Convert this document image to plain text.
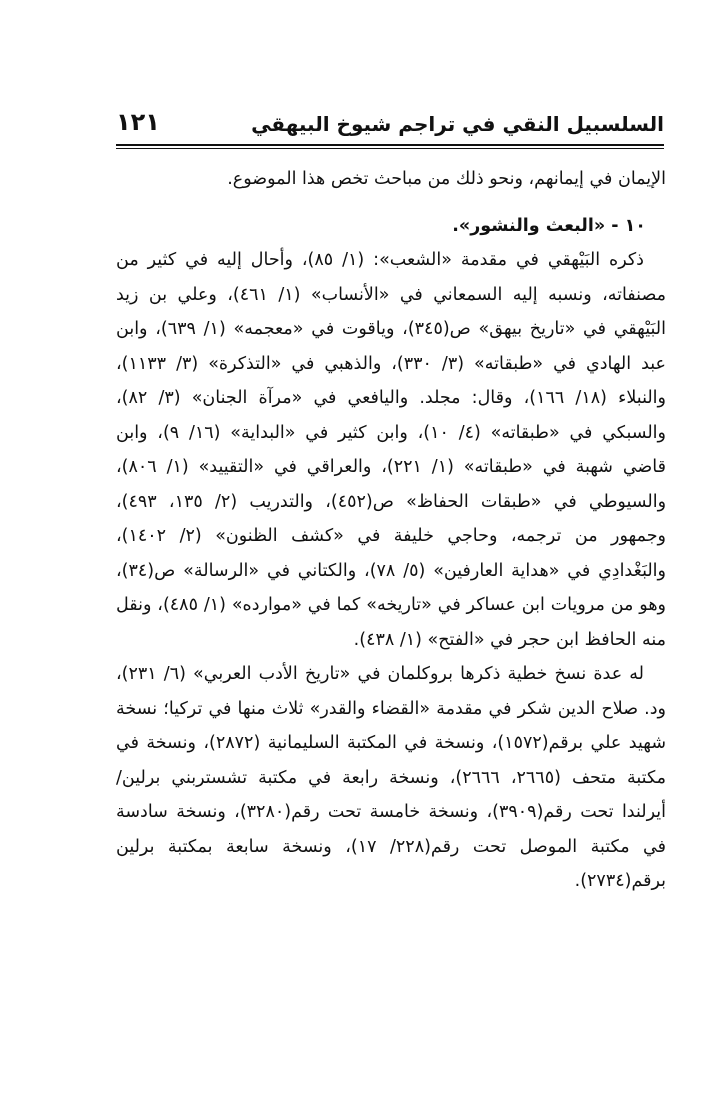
السلسبيل النقي في تراجم شيوخ البيهقي
١٢١

الإيمان في إيمانهم، ونحو ذلك من مباحث تخص هذا الموضوع.

١٠ - «البعث والنشور».

ذكره البَيْهقي في مقدمة «الشعب»: (١/ ٨٥)، وأحال إليه في كثير من مصنفاته، ونسبه إليه السمعاني في «الأنساب» (١/ ٤٦١)، وعلي بن زيد البَيْهقي في «تاريخ بيهق» ص(٣٤٥)، وياقوت في «معجمه» (١/ ٦٣٩)، وابن عبد الهادي في «طبقاته» (٣/ ٣٣٠)، والذهبي في «التذكرة» (٣/ ١١٣٣)، والنبلاء (١٨/ ١٦٦)، وقال: مجلد. واليافعي في «مرآة الجنان» (٣/ ٨٢)، والسبكي في «طبقاته» (٤/ ١٠)، وابن كثير في «البداية» (١٦/ ٩)، وابن قاضي شهبة في «طبقاته» (١/ ٢٢١)، والعراقي في «التقييد» (١/ ٨٠٦)، والسيوطي في «طبقات الحفاظ» ص(٤٥٢)، والتدريب (٢/ ١٣٥، ٤٩٣)، وجمهور من ترجمه، وحاجي خليفة في «كشف الظنون» (٢/ ١٤٠٢)، والبَغْدادِي في «هداية العارفين» (٥/ ٧٨)، والكتاني في «الرسالة» ص(٣٤)، وهو من مرويات ابن عساكر في «تاريخه» كما في «موارده» (١/ ٤٨٥)، ونقل منه الحافظ ابن حجر في «الفتح» (١/ ٤٣٨).

له عدة نسخ خطية ذكرها بروكلمان في «تاريخ الأدب العربي» (٦/ ٢٣١)، ود. صلاح الدين شكر في مقدمة «القضاء والقدر» ثلاث منها في تركيا؛ نسخة شهيد علي برقم(١٥٧٢)، ونسخة في المكتبة السليمانية (٢٨٧٢)، ونسخة في مكتبة متحف (٢٦٦٥، ٢٦٦٦)، ونسخة رابعة في مكتبة تشستربني برلين/ أيرلندا تحت رقم(٣٩٠٩)، ونسخة خامسة تحت رقم(٣٢٨٠)، ونسخة سادسة في مكتبة الموصل تحت رقم(٢٢٨/ ١٧)، ونسخة سابعة بمكتبة برلين برقم(٢٧٣٤).
